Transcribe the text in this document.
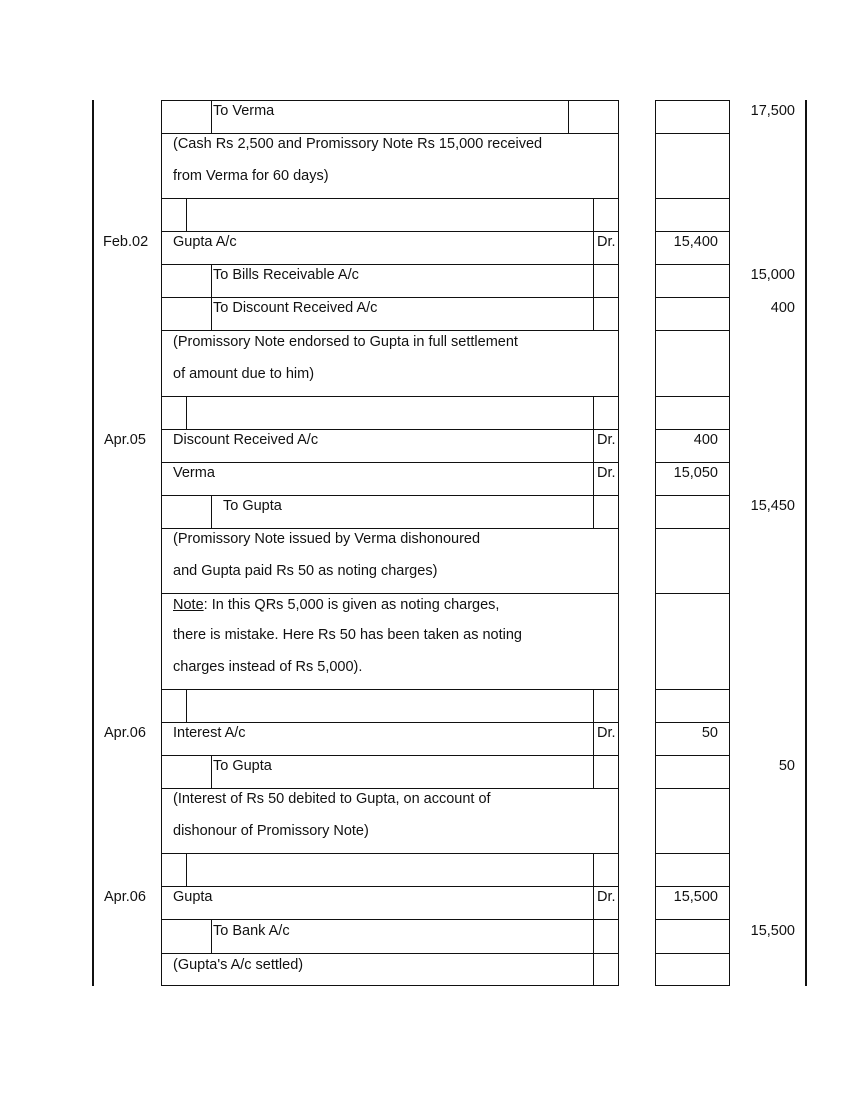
To Verma	17,500
(Cash Rs 2,500 and Promissory Note Rs 15,000 received
from Verma for 60 days)
Feb.02 Gupta A/c	Dr.	15,400
To Bills Receivable A/c	15,000
To Discount Received A/c	400
(Promissory Note endorsed to Gupta in full settlement
of amount due to him)
Apr.05 Discount Received A/c	Dr.	400
Verma	Dr.	15,050
To Gupta	15,450
(Promissory Note issued by Verma dishonoured
and Gupta paid Rs 50 as noting charges)
Note: In this QRs 5,000 is given as noting charges,
there is mistake. Here Rs 50 has been taken as noting
charges instead of Rs 5,000).
Apr.06 Interest A/c	Dr.	50
To Gupta	50
(Interest of Rs 50 debited to Gupta, on account of
dishonour of Promissory Note)
Apr.06 Gupta	Dr.	15,500
To Bank A/c	15,500
(Gupta's A/c settled)
